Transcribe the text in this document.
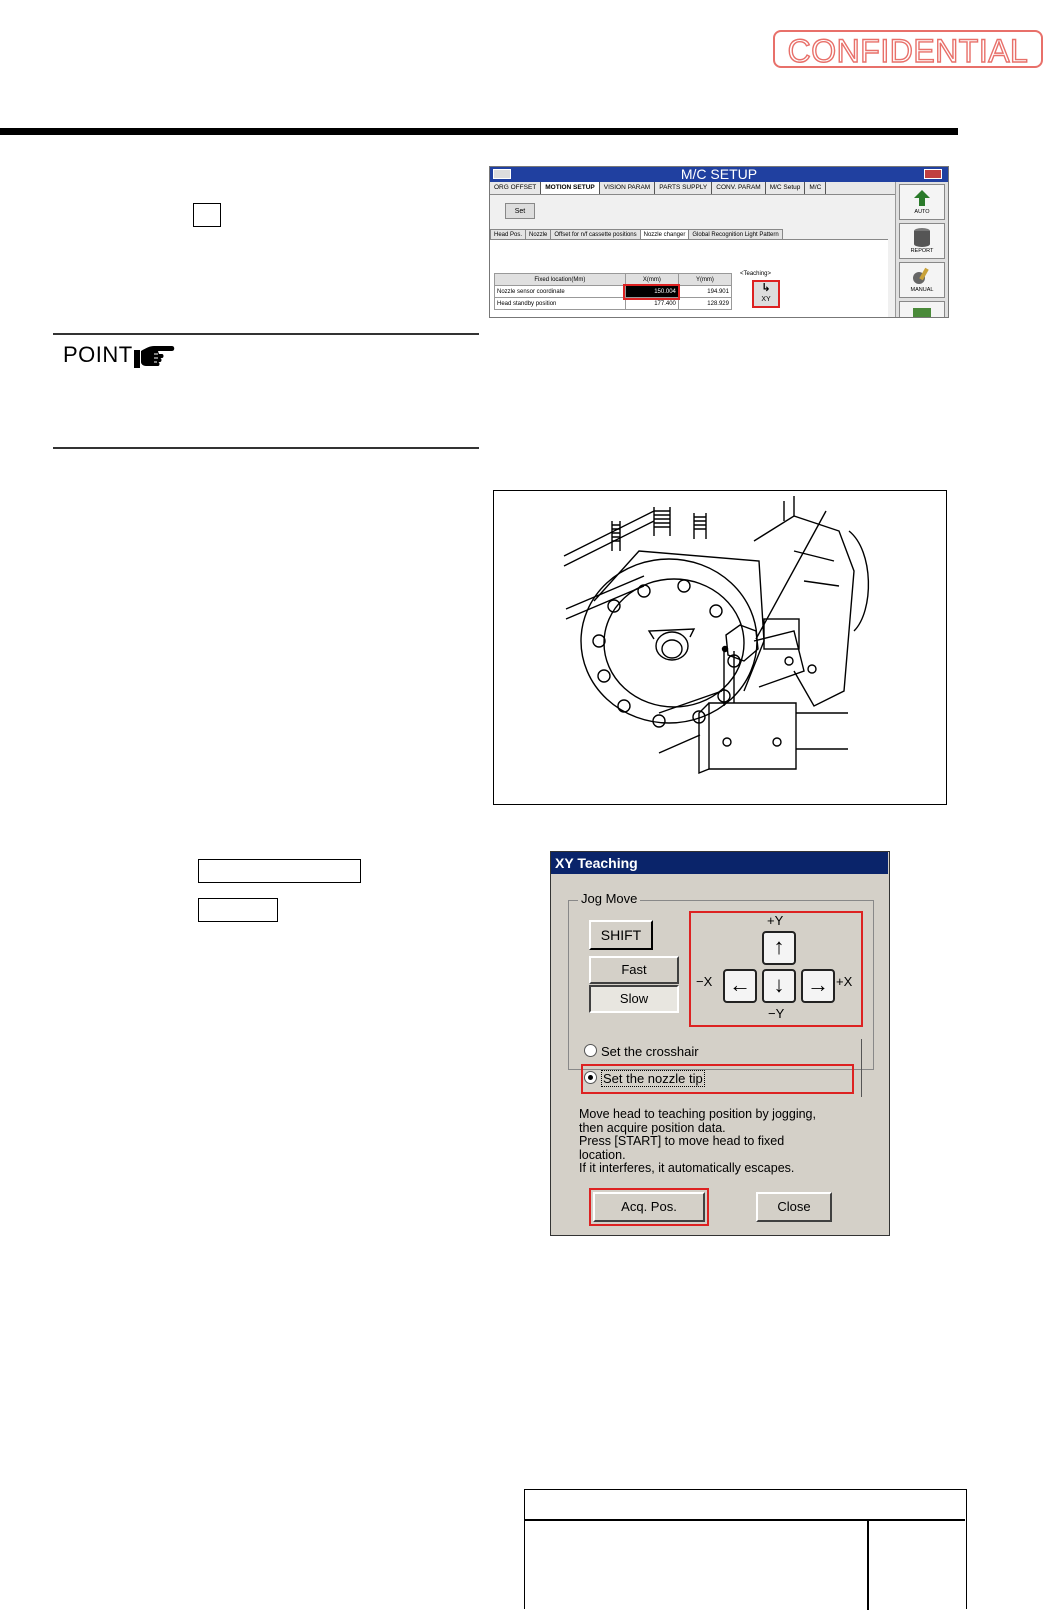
CONFIDENTIAL
POINT
M/C SETUP
ORG OFFSET	MOTION SETUP	VISION PARAM	PARTS SUPPLY	CONV. PARAM	M/C Setup	M/C
Set
Head Pos.	Nozzle	Offset for n/f cassette positions	Nozzle changer	Global Recognition Light Pattern
Fixed location(Mm)	X(mm)	Y(mm)
Nozzle sensor coordinate	150.004	194.901
Head standby position	177.400	128.929
<Teaching>
↳
XY
AUTO
REPORT
MANUAL
XY Teaching
Jog Move
SHIFT
Fast
Slow
+Y
↑
−X ←	↓	→ +X
−Y
Set the crosshair
Set the nozzle tip
Move head to teaching position by jogging,
then acquire position data.
Press [START] to move head to fixed
location.
If it interferes, it automatically escapes.
Acq. Pos.	Close
